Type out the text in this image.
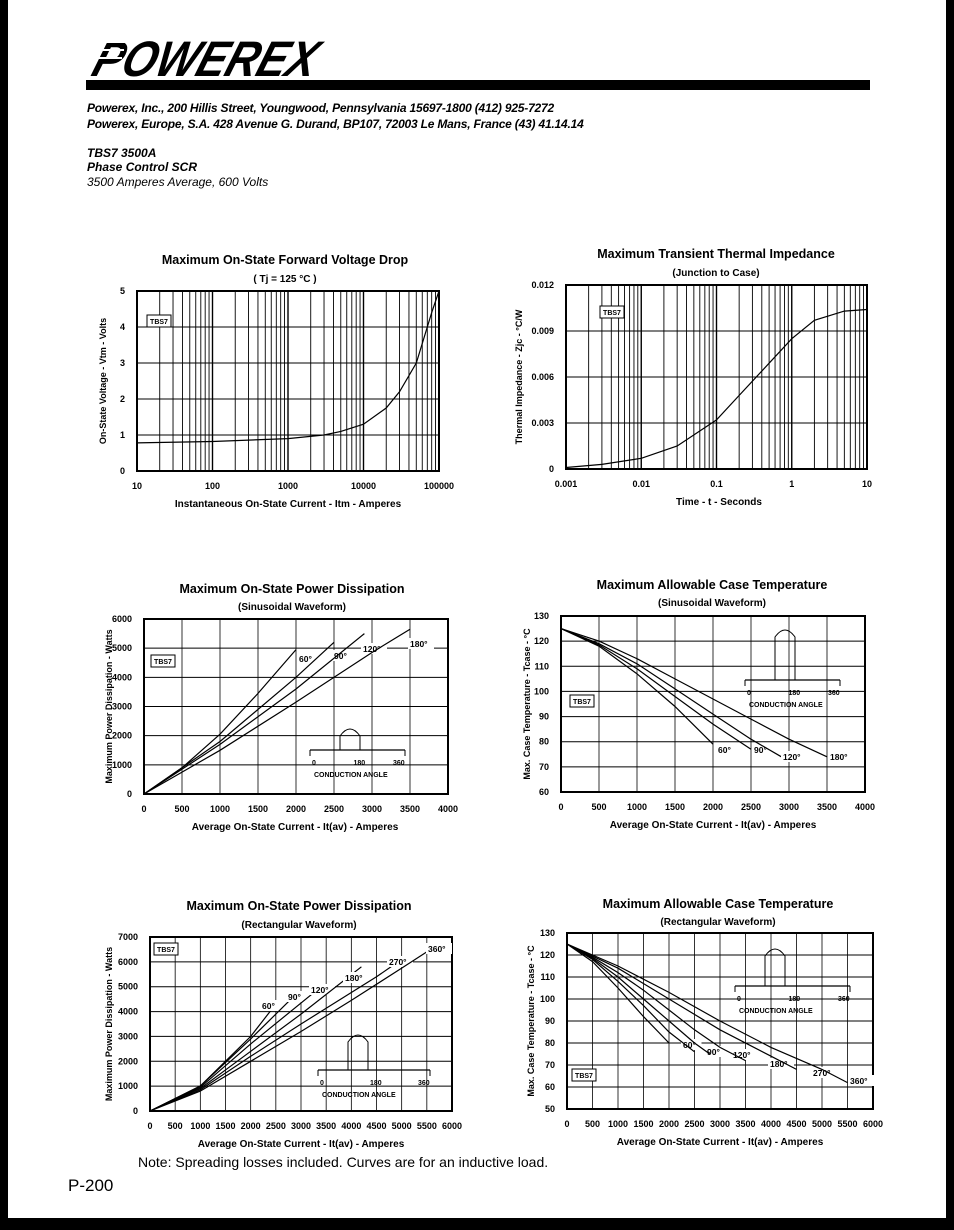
POWEREX
Powerex, Inc., 200 Hillis Street, Youngwood, Pennsylvania 15697-1800 (412) 925-7272
Powerex, Europe, S.A. 428 Avenue G. Durand, BP107, 72003 Le Mans, France (43) 41.14.14
TBS7 3500A
Phase Control SCR
3500 Amperes Average, 600 Volts
Maximum On-State Forward Voltage Drop
( Tj = 125 °C )
Instantaneous On-State Current - Itm - Amperes
On-State Voltage - Vtm - Volts
10	100	1000	10000	100000
0
1
2
3
4
5
TBS7
Maximum Transient Thermal Impedance
(Junction to Case)
Time - t - Seconds
Thermal Impedance - Zjc - °C/W
0.001	0.01	0.1	1	10
0
0.003
0.006
0.009
0.012
TBS7
Maximum On-State Power Dissipation
(Sinusoidal Waveform)
Average On-State Current - It(av) - Amperes
Maximum Power Dissipation - Watts
0	500 1000 1500 2000 2500 3000 3500 4000
0
1000
2000
3000
4000
5000
6000
TBS7
0	180	360
CONDUCTION ANGLE
60°	90°
120°	180°
Maximum Allowable Case Temperature
(Sinusoidal Waveform)
Average On-State Current - It(av) - Amperes
Max. Case Temperature - Tcase - °C
0	500 1000 1500 2000 2500 3000 3500 4000
60
70
80
90
100
110
120
130
TBS7
0	180	360
CONDUCTION ANGLE
60°	90°
120°	180°
Maximum On-State Power Dissipation
(Rectangular Waveform)
Average On-State Current - It(av) - Amperes
Maximum Power Dissipation - Watts
0 500 1000 1500 2000 2500 3000 3500 4000 4500 5000 5500 6000
0
1000
2000
3000
4000
5000
6000
7000
TBS7
0	180	360
CONDUCTION ANGLE
60°
90°
120°
180°
270°
360°
Maximum Allowable Case Temperature
(Rectangular Waveform)
Average On-State Current - It(av) - Amperes
Max. Case Temperature - Tcase - °C
0 500 1000 1500 2000 2500 3000 3500 4000 4500 5000 5500 6000
50
60
70
80
90
100
110
120
130
TBS7
0	180	360
CONDUCTION ANGLE
60°
90° 120°
180°
270°
360°
Note: Spreading losses included. Curves are for an inductive load.
P-200
